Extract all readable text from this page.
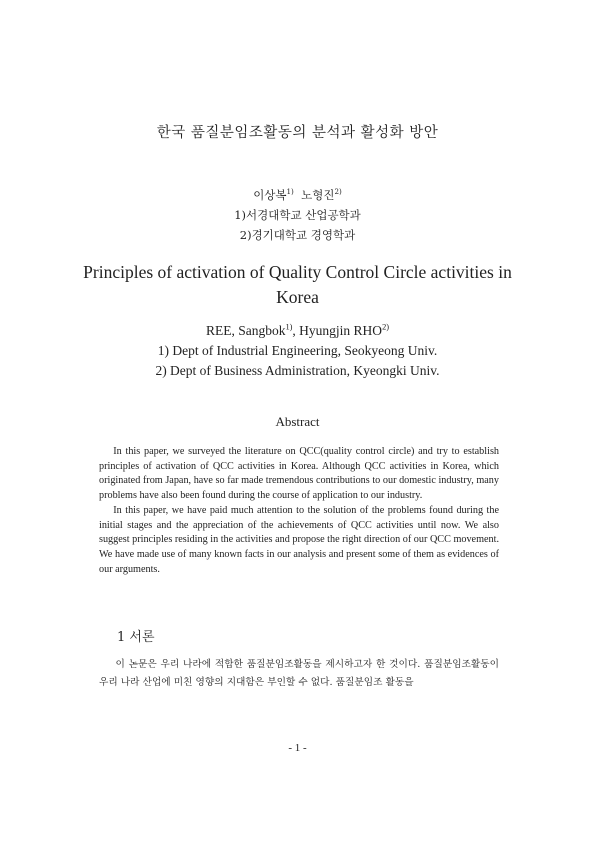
한국 품질분임조활동의 분석과 활성화 방안
이상복$^{1)}$ 노형진$^{2)}$
1)서경대학교 산업공학과
2)경기대학교 경영학과
Principles of activation of Quality Control Circle activities in Korea
REE, Sangbok$^{1)}$, Hyungjin RHO$^{2)}$
1) Dept of Industrial Engineering, Seokyeong Univ.
2) Dept of Business Administration, Kyeongki Univ.
Abstract

In this paper, we surveyed the literature on QCC(quality control circle) and try to establish principles of activation of QCC activities in Korea. Although QCC activities in Korea, which originated from Japan, have so far made tremendous contributions to our domestic industry, many problems have also been found during the course of application to our industry.

In this paper, we have paid much attention to the solution of the problems found during the initial stages and the appreciation of the achievements of QCC activities until now. We also suggest principles residing in the activities and propose the right direction of our QCC movement. We have made use of many known facts in our analysis and present some of them as evidences of our arguments.

1 서론

이 논문은 우리 나라에 적합한 품질분임조활동을 제시하고자 한 것이다. 품질분임조활동이 우리 나라 산업에 미친 영향의 지대함은 부인할 수 없다. 품질분임조 활동을

- 1 -
